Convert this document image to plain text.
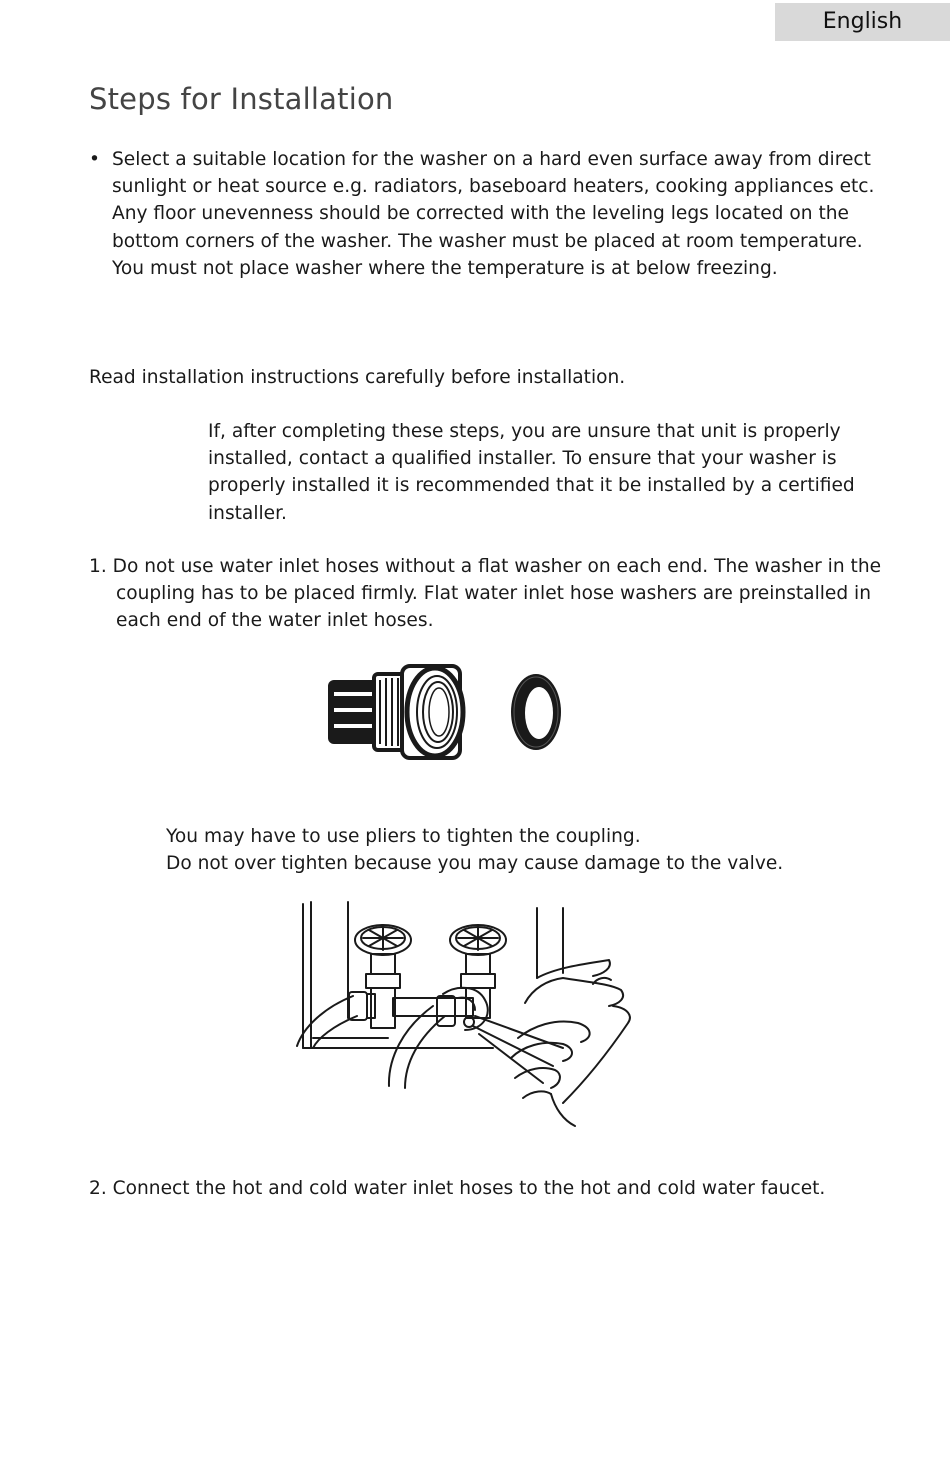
English
Steps for Installation
• Select a suitable location for the washer on a hard even surface away from direct sunlight or heat source e.g. radiators, baseboard heaters, cooking appliances etc. Any floor unevenness should be corrected with the leveling legs located on the bottom corners of the washer. The washer must be placed at room temperature. You must not place washer where the temperature is at below freezing.

Read installation instructions carefully before installation.

If, after completing these steps, you are unsure that unit is properly installed, contact a qualified installer. To ensure that your washer is properly installed it is recommended that it be installed by a certified installer.

1. Do not use water inlet hoses without a flat washer on each end. The washer in the coupling has to be placed firmly. Flat water inlet hose washers are preinstalled in each end of the water inlet hoses.

You may have to use pliers to tighten the coupling.
Do not over tighten because you may cause damage to the valve.

2. Connect the hot and cold water inlet hoses to the hot and cold water faucet.
